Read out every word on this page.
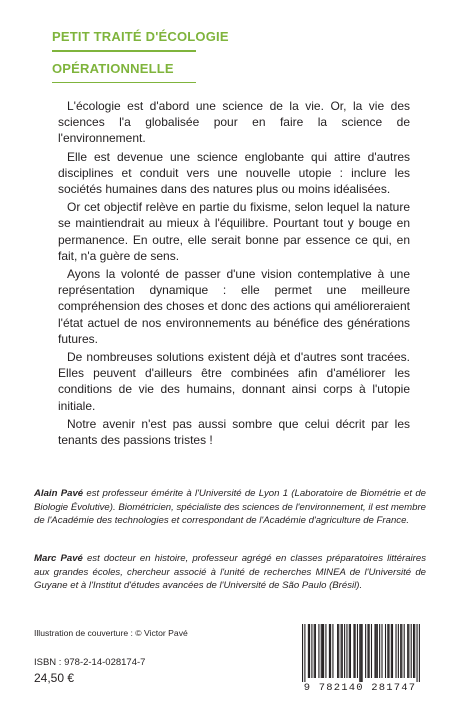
PETIT TRAITÉ D'ÉCOLOGIE
OPÉRATIONNELLE

L'écologie est d'abord une science de la vie. Or, la vie des sciences l'a globalisée pour en faire la science de l'environnement.

Elle est devenue une science englobante qui attire d'autres disciplines et conduit vers une nouvelle utopie : inclure les sociétés humaines dans des natures plus ou moins idéalisées.

Or cet objectif relève en partie du fixisme, selon lequel la nature se maintiendrait au mieux à l'équilibre. Pourtant tout y bouge en permanence. En outre, elle serait bonne par essence ce qui, en fait, n'a guère de sens.

Ayons la volonté de passer d'une vision contemplative à une représentation dynamique : elle permet une meilleure compréhension des choses et donc des actions qui amélioreraient l'état actuel de nos environnements au bénéfice des générations futures.

De nombreuses solutions existent déjà et d'autres sont tracées. Elles peuvent d'ailleurs être combinées afin d'améliorer les conditions de vie des humains, donnant ainsi corps à l'utopie initiale.

Notre avenir n'est pas aussi sombre que celui décrit par les tenants des passions tristes !

Alain Pavé est professeur émérite à l'Université de Lyon 1 (Laboratoire de Biométrie et de Biologie Évolutive). Biométricien, spécialiste des sciences de l'environnement, il est membre de l'Académie des technologies et correspondant de l'Académie d'agriculture de France.
Marc Pavé est docteur en histoire, professeur agrégé en classes préparatoires littéraires aux grandes écoles, chercheur associé à l'unité de recherches MINEA de l'Université de Guyane et à l'Institut d'études avancées de l'Université de São Paulo (Brésil).
Illustration de couverture : © Victor Pavé
ISBN : 978-2-14-028174-7
24,50 €
9 782140 281747
